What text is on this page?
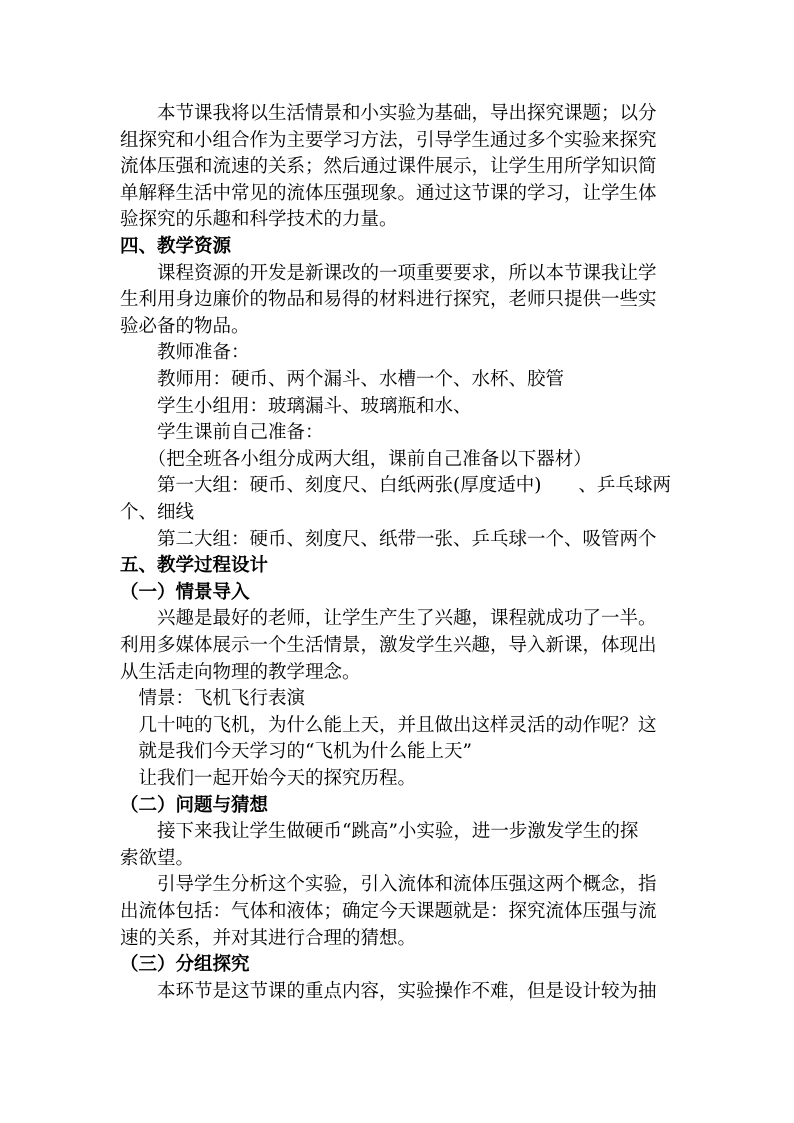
　　本节课我将以生活情景和小实验为基础，导出探究课题；以分
组探究和小组合作为主要学习方法，引导学生通过多个实验来探究
流体压强和流速的关系；然后通过课件展示，让学生用所学知识简
单解释生活中常见的流体压强现象。通过这节课的学习，让学生体
验探究的乐趣和科学技术的力量。
四、教学资源
　　课程资源的开发是新课改的一项重要要求，所以本节课我让学
生利用身边廉价的物品和易得的材料进行探究，老师只提供一些实
验必备的物品。
　　教师准备：
　　教师用：硬币、两个漏斗、水槽一个、水杯、胶管
　　学生小组用：玻璃漏斗、玻璃瓶和水、
　　学生课前自己准备：
　　（把全班各小组分成两大组，课前自己准备以下器材）
　　第一大组：硬币、刻度尺、白纸两张(厚度适中)　　、乒乓球两
个、细线
　　第二大组：硬币、刻度尺、纸带一张、乒乓球一个、吸管两个
五、教学过程设计
（一）情景导入
　　兴趣是最好的老师，让学生产生了兴趣，课程就成功了一半。
利用多媒体展示一个生活情景，激发学生兴趣，导入新课，体现出
从生活走向物理的教学理念。
　情景：飞机飞行表演
　几十吨的飞机，为什么能上天，并且做出这样灵活的动作呢？这
　就是我们今天学习的“飞机为什么能上天”
　让我们一起开始今天的探究历程。
（二）问题与猜想
　　接下来我让学生做硬币“跳高”小实验，进一步激发学生的探
索欲望。
　　引导学生分析这个实验，引入流体和流体压强这两个概念，指
出流体包括：气体和液体；确定今天课题就是：探究流体压强与流
速的关系，并对其进行合理的猜想。
（三）分组探究
　　本环节是这节课的重点内容，实验操作不难，但是设计较为抽
